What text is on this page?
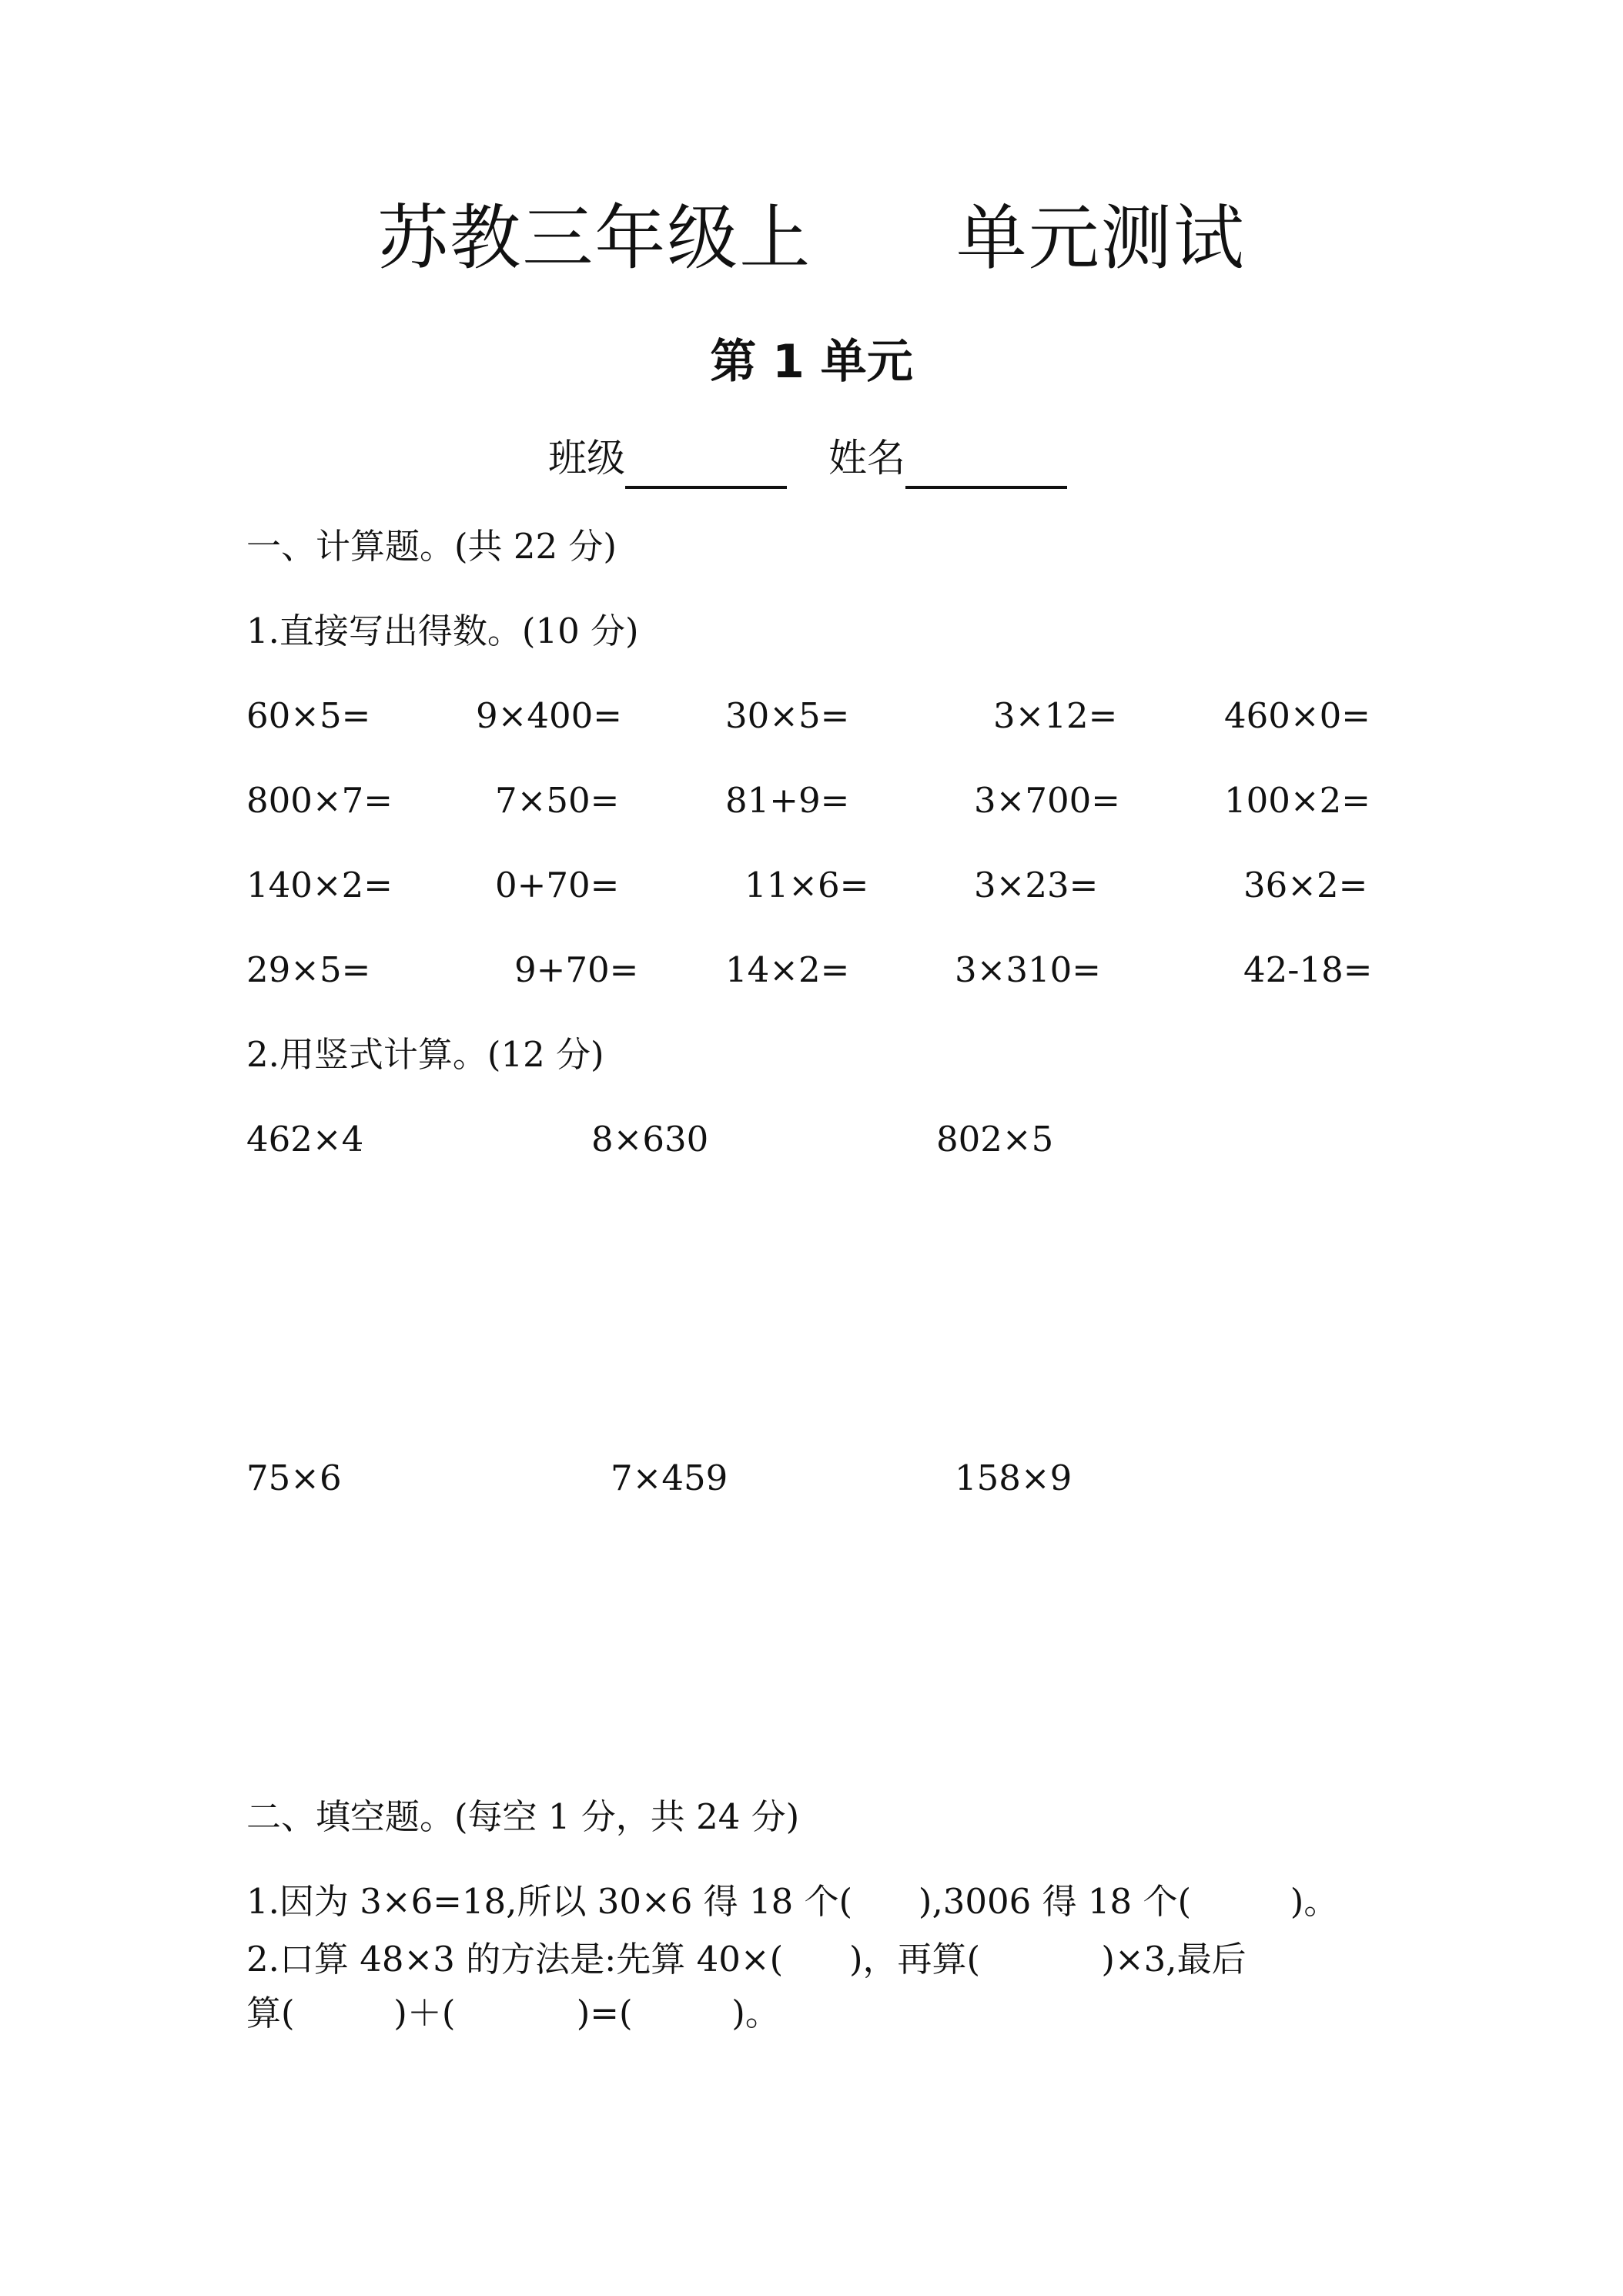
苏教三年级上      单元测试
第 1 单元
班级	姓名
一、计算题。(共 22 分)
1.直接写出得数。(10 分)
60×5=	9×400=	30×5=	3×12=	460×0=
800×7=	7×50=	81+9=	3×700=	100×2=
140×2=	0+70=	11×6=	3×23=	36×2=
29×5=	9+70=	14×2=	3×310=	42-18=
2.用竖式计算。(12 分)
462×4	8×630	802×5
75×6	7×459	158×9
二、填空题。(每空 1 分，共 24 分)
1.因为 3×6=18,所以 30×6 得 18 个(      ),3006 得 18 个(         )。
2.口算 48×3 的方法是:先算 40×(      )，再算(           )×3,最后
算(         )＋(           )=(         )。
